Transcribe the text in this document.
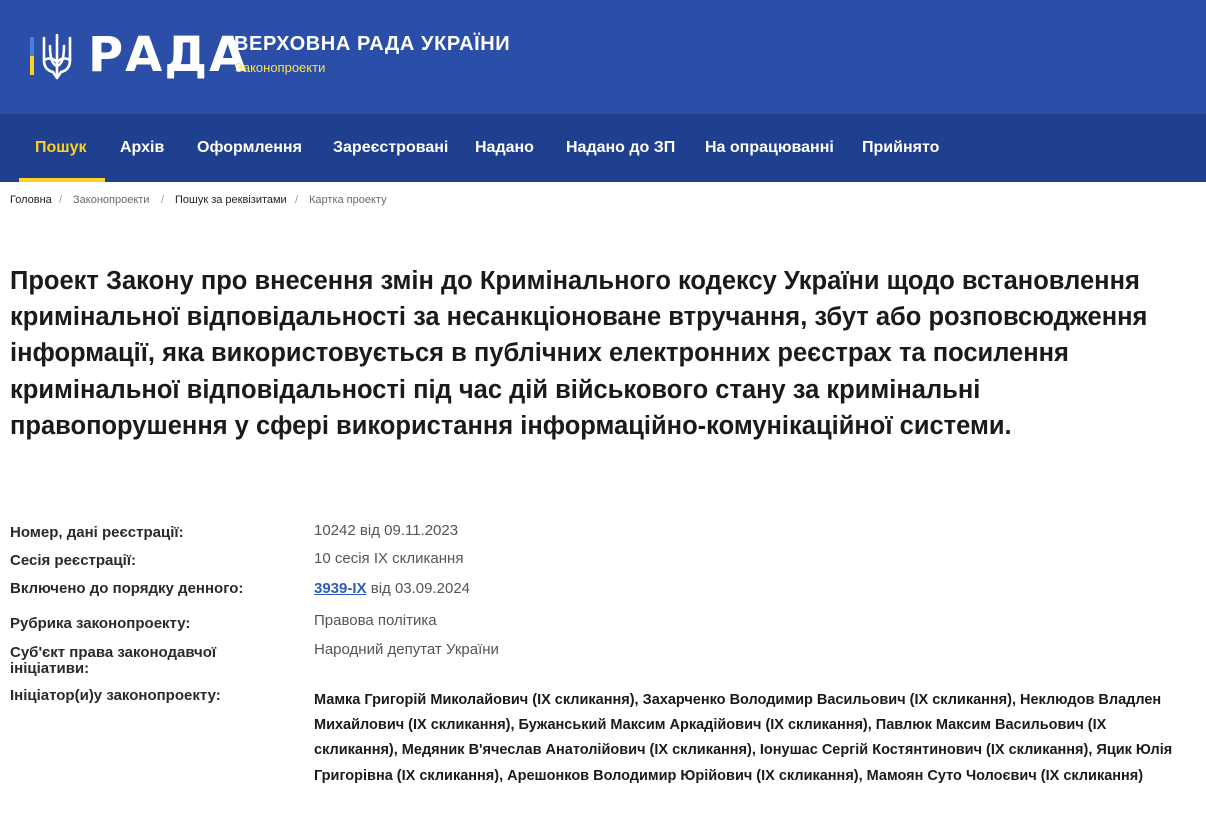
РАДА
ВЕРХОВНА РАДА УКРАЇНИ
Законопроекти
Пошук Архів Оформлення Зареєстровані Надано Надано до ЗП На опрацюванні Прийнято
Головна / Законопроекти / Пошук за реквізитами / Картка проекту
Проект Закону про внесення змін до Кримінального кодексу України щодо встановлення кримінальної відповідальності за несанкціоноване втручання, збут або розповсюдження інформації, яка використовується в публічних електронних реєстрах та посилення кримінальної відповідальності під час дій військового стану за кримінальні правопорушення у сфері використання інформаційно-комунікаційної системи.
Номер, дані реєстрації:	10242 від 09.11.2023
Сесія реєстрації:	10 сесія IX скликання
Включено до порядку денного:	3939-IX від 03.09.2024
Рубрика законопроекту:	Правова політика
Суб'єкт права законодавчої
ініціативи:
Народний депутат України
Ініціатор(и)у законопроекту:	Мамка Григорій Миколайович (IX скликання), Захарченко Володимир Васильович (IX скликання), Неклюдов Владлен Михайлович (IX скликання), Бужанський Максим Аркадійович (IX скликання), Павлюк Максим Васильович (IX скликання), Медяник В'ячеслав Анатолійович (IX скликання), Іонушас Сергій Костянтинович (IX скликання), Яцик Юлія Григорівна (IX скликання), Арешонков Володимир Юрійович (IX скликання), Мамоян Суто Чолоєвич (IX скликання)
